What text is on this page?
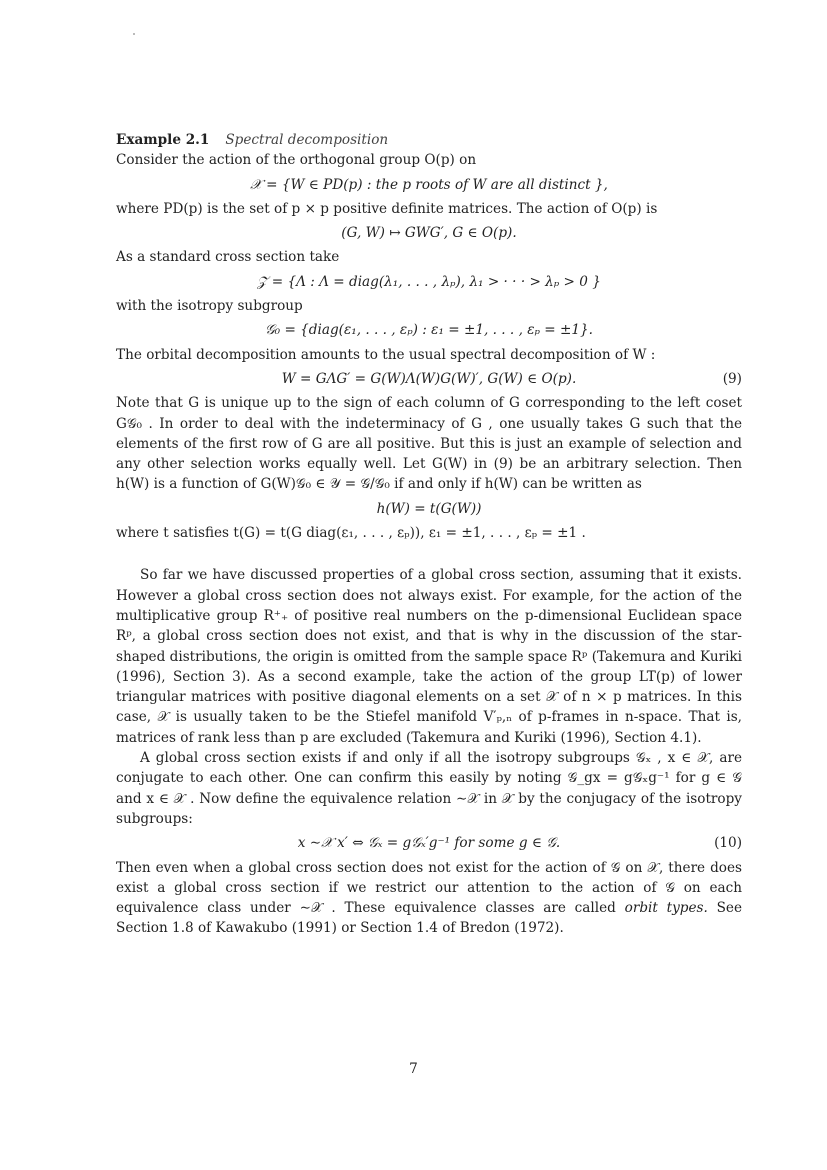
Example 2.1 Spectral decomposition

Consider the action of the orthogonal group O(p) on

𝒳 = {W ∈ PD(p) : the p roots of W are all distinct },

where PD(p) is the set of p × p positive definite matrices. The action of O(p) is

(G, W) ↦ GWG′, G ∈ O(p).

As a standard cross section take

𝒵 = {Λ : Λ = diag(λ₁, . . . , λₚ), λ₁ > · · · > λₚ > 0 }

with the isotropy subgroup

𝒢₀ = {diag(ε₁, . . . , εₚ) : ε₁ = ±1, . . . , εₚ = ±1}.

The orbital decomposition amounts to the usual spectral decomposition of W :

W = GΛG′ = G(W)Λ(W)G(W)′, G(W) ∈ O(p).	(9)

Note that G is unique up to the sign of each column of G corresponding to the left coset G𝒢₀ . In order to deal with the indeterminacy of G , one usually takes G such that the elements of the first row of G are all positive. But this is just an example of selection and any other selection works equally well. Let G(W) in (9) be an arbitrary selection. Then h(W) is a function of G(W)𝒢₀ ∈ 𝒴 = 𝒢/𝒢₀ if and only if h(W) can be written as

h(W) = t(G(W))

where t satisfies t(G) = t(G diag(ε₁, . . . , εₚ)), ε₁ = ±1, . . . , εₚ = ±1 .

So far we have discussed properties of a global cross section, assuming that it exists. However a global cross section does not always exist. For example, for the action of the multiplicative group R⁺₊ of positive real numbers on the p-dimensional Euclidean space Rᵖ, a global cross section does not exist, and that is why in the discussion of the star-shaped distributions, the origin is omitted from the sample space Rᵖ (Takemura and Kuriki (1996), Section 3). As a second example, take the action of the group LT(p) of lower triangular matrices with positive diagonal elements on a set 𝒳 of n × p matrices. In this case, 𝒳 is usually taken to be the Stiefel manifold V′ₚ,ₙ of p-frames in n-space. That is, matrices of rank less than p are excluded (Takemura and Kuriki (1996), Section 4.1).

A global cross section exists if and only if all the isotropy subgroups 𝒢ₓ , x ∈ 𝒳, are conjugate to each other. One can confirm this easily by noting 𝒢_gx = g𝒢ₓg⁻¹ for g ∈ 𝒢 and x ∈ 𝒳 . Now define the equivalence relation ∼𝒳 in 𝒳 by the conjugacy of the isotropy subgroups:

x ∼𝒳 x′ ⇔ 𝒢ₓ = g𝒢ₓ′g⁻¹ for some g ∈ 𝒢.	(10)

Then even when a global cross section does not exist for the action of 𝒢 on 𝒳, there does exist a global cross section if we restrict our attention to the action of 𝒢 on each equivalence class under ∼𝒳 . These equivalence classes are called orbit types. See Section 1.8 of Kawakubo (1991) or Section 1.4 of Bredon (1972).

7
